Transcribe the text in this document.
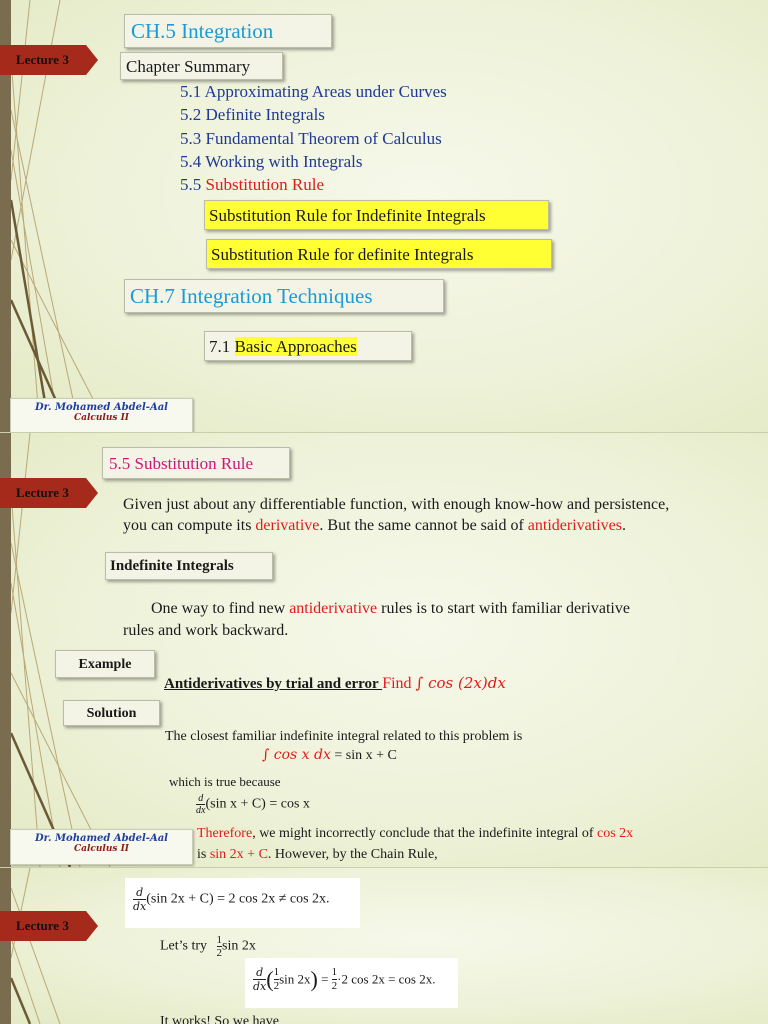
Lecture 3
CH.5 Integration
Chapter Summary
5.1 Approximating Areas under Curves
5.2 Definite Integrals
5.3 Fundamental Theorem of Calculus
5.4 Working with Integrals
5.5 Substitution Rule
Substitution Rule for Indefinite Integrals
Substitution Rule for definite Integrals
CH.7 Integration Techniques
7.1 Basic Approaches
Dr. Mohamed Abdel-Aal
Calculus II
Lecture 3
5.5 Substitution Rule
Given just about any differentiable function, with enough know-how and persistence,
you can compute its derivative. But the same cannot be said of antiderivatives.
Indefinite Integrals
One way to find new antiderivative rules is to start with familiar derivative
rules and work backward.
Example
Antiderivatives by trial and error Find ∫ cos (2x)dx
Solution
The closest familiar indefinite integral related to this problem is
∫ cos x dx = sin x + C
which is true because
$\frac{d}{dx} (\sin$ x + C) = cos x
Therefore, we might incorrectly conclude that the indefinite integral of cos 2x
is sin 2x + C. However, by the Chain Rule,
Dr. Mohamed Abdel-Aal
Calculus II
Lecture 3
$\frac{d}{dx} (\sin$ 2x + C) = 2 cos 2x ≠ cos 2x.
Let’s try $\frac{1}{2}$ sin 2x
$\frac{d}{dx}$ ( $\frac{1}{2}$ $\sin 2x) = \frac{1}{2} \cdot 2$ cos 2x = cos 2x.
It works! So we have
